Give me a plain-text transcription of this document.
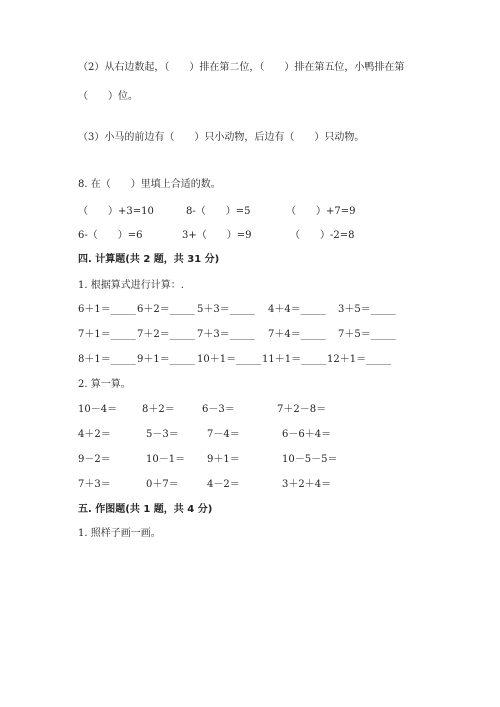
（2）从右边数起，（　　）排在第二位，（　　）排在第五位，小鸭排在第
（　　）位。
（3）小马的前边有（　　）只小动物，后边有（　　）只动物。
8. 在（　　）里填上合适的数。
（　　）+3=10	8-（　　）=5	（　　）+7=9
6-（　　）=6	3+（　　）=9	（　　）-2=8
四. 计算题(共 2 题，共 31 分)
1. 根据算式进行计算：.
6＋1＝_____ 6＋2＝_____ 5＋3＝_____ 4＋4＝_____ 3＋5＝_____
7＋1＝_____ 7＋2＝_____ 7＋3＝_____ 7＋4＝_____ 7＋5＝_____
8＋1＝_____ 9＋1＝_____ 10＋1＝_____ 11＋1＝_____ 12＋1＝_____
2. 算一算。
10－4＝ 8＋2＝	6－3＝	7＋2－8＝
4＋2＝	5－3＝	7－4＝	6－6＋4＝
9－2＝	10－1＝ 9＋1＝	10－5－5＝
7＋3＝	0＋7＝	4－2＝	3＋2＋4＝
五. 作图题(共 1 题，共 4 分)
1. 照样子画一画。
